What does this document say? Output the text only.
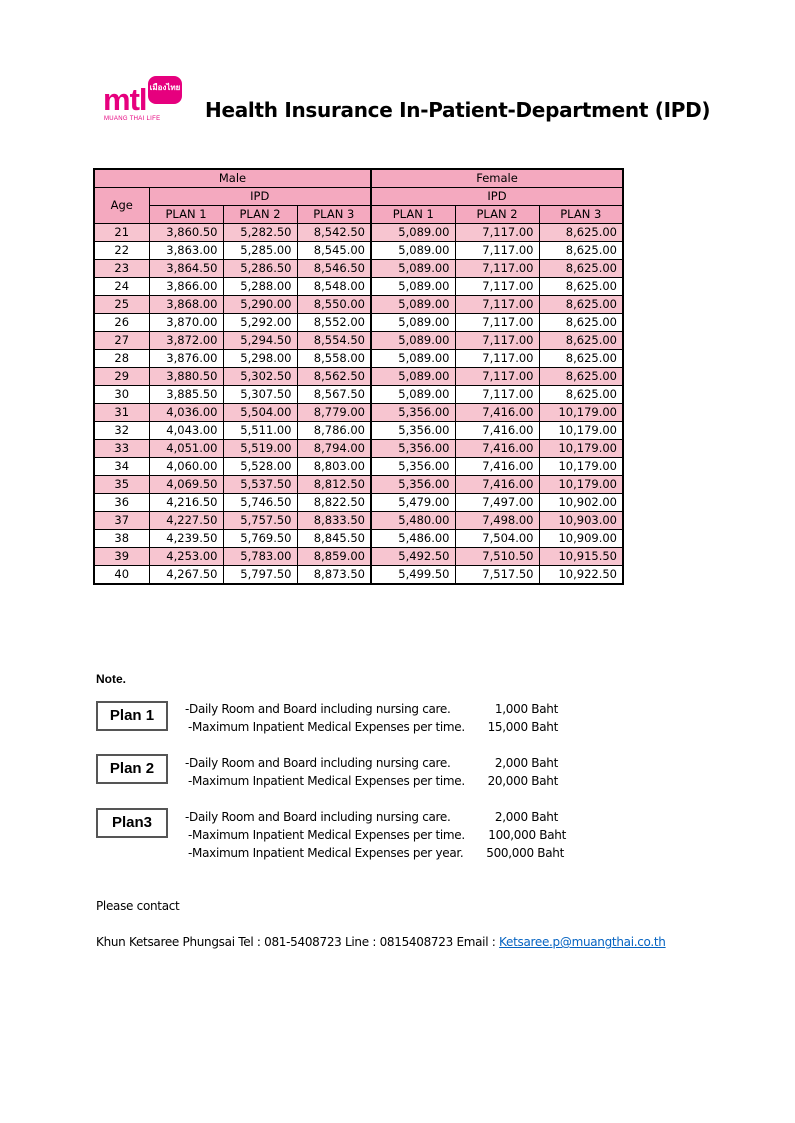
mtl เมืองไทย
MUANG THAI LIFE Health Insurance In-Patient-Department (IPD)
Male				Female		
Age	IPD			IPD		
	PLAN 1	PLAN 2	PLAN 3	PLAN 1	PLAN 2	PLAN 3
21	3,860.50	5,282.50	8,542.50	5,089.00	7,117.00	8,625.00
22	3,863.00	5,285.00	8,545.00	5,089.00	7,117.00	8,625.00
23	3,864.50	5,286.50	8,546.50	5,089.00	7,117.00	8,625.00
24	3,866.00	5,288.00	8,548.00	5,089.00	7,117.00	8,625.00
25	3,868.00	5,290.00	8,550.00	5,089.00	7,117.00	8,625.00
26	3,870.00	5,292.00	8,552.00	5,089.00	7,117.00	8,625.00
27	3,872.00	5,294.50	8,554.50	5,089.00	7,117.00	8,625.00
28	3,876.00	5,298.00	8,558.00	5,089.00	7,117.00	8,625.00
29	3,880.50	5,302.50	8,562.50	5,089.00	7,117.00	8,625.00
30	3,885.50	5,307.50	8,567.50	5,089.00	7,117.00	8,625.00
31	4,036.00	5,504.00	8,779.00	5,356.00	7,416.00	10,179.00
32	4,043.00	5,511.00	8,786.00	5,356.00	7,416.00	10,179.00
33	4,051.00	5,519.00	8,794.00	5,356.00	7,416.00	10,179.00
34	4,060.00	5,528.00	8,803.00	5,356.00	7,416.00	10,179.00
35	4,069.50	5,537.50	8,812.50	5,356.00	7,416.00	10,179.00
36	4,216.50	5,746.50	8,822.50	5,479.00	7,497.00	10,902.00
37	4,227.50	5,757.50	8,833.50	5,480.00	7,498.00	10,903.00
38	4,239.50	5,769.50	8,845.50	5,486.00	7,504.00	10,909.00
39	4,253.00	5,783.00	8,859.00	5,492.50	7,510.50	10,915.50
40	4,267.50	5,797.50	8,873.50	5,499.50	7,517.50	10,922.50
Note.
Plan 1	-Daily Room and Board including nursing care.	1,000 Baht
-Maximum Inpatient Medical Expenses per time.	15,000 Baht
Plan 2	-Daily Room and Board including nursing care.	2,000 Baht
-Maximum Inpatient Medical Expenses per time.	20,000 Baht
Plan3	-Daily Room and Board including nursing care.	2,000 Baht
-Maximum Inpatient Medical Expenses per time.	100,000 Baht
-Maximum Inpatient Medical Expenses per year.	500,000 Baht
Please contact
Khun Ketsaree Phungsai Tel : 081-5408723 Line : 0815408723 Email : Ketsaree.p@muangthai.co.th
